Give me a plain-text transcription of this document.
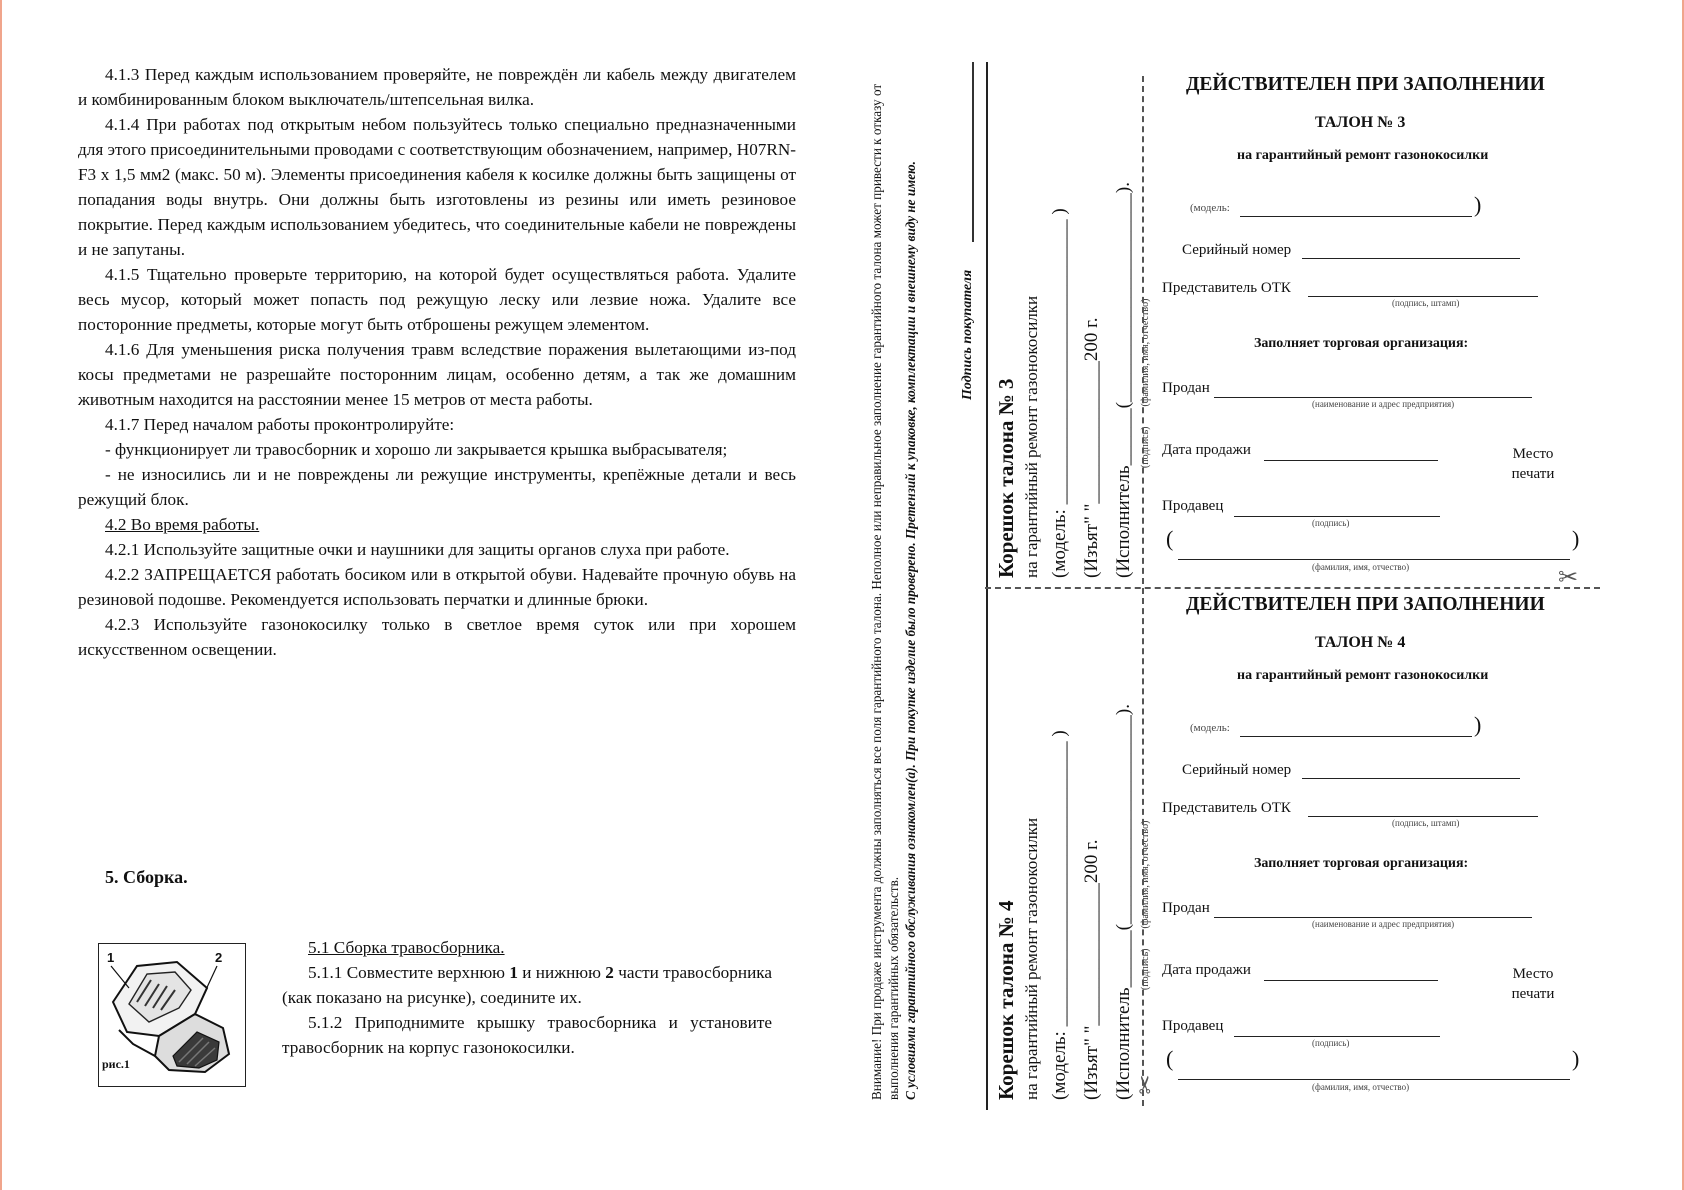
4.1.3 Перед каждым использованием проверяйте, не повреждён ли кабель между двигателем и комбинированным блоком выключатель/штепсельная вилка.

4.1.4 При работах под открытым небом пользуйтесь только специально предназначенными для этого присоединительными проводами с соответствующим обозначением, например, H07RN-F3 х 1,5 мм2 (макс. 50 м). Элементы присоединения кабеля к косилке должны быть защищены от попадания воды внутрь. Они должны быть изготовлены из резины или иметь резиновое покрытие. Перед каждым использованием убедитесь, что соединительные кабели не повреждены и не запутаны.

4.1.5 Тщательно проверьте территорию, на которой будет осуществляться работа. Удалите весь мусор, который может попасть под режущую леску или лезвие ножа. Удалите все посторонние предметы, которые могут быть отброшены режущем элементом.

4.1.6 Для уменьшения риска получения травм вследствие поражения вылетающими из-под косы предметами не разрешайте посторонним лицам, особенно детям, а так же домашним животным находится на расстоянии менее 15 метров от места работы.

4.1.7 Перед началом работы проконтролируйте:

- функционирует ли травосборник и хорошо ли закрывается крышка выбрасывателя;

- не износились ли и не повреждены ли режущие инструменты, крепёжные детали и весь режущий блок.

4.2 Во время работы.

4.2.1 Используйте защитные очки и наушники для защиты органов слуха при работе.

4.2.2 ЗАПРЕЩАЕТСЯ работать босиком или в открытой обуви. Надевайте прочную обувь на резиновой подошве. Рекомендуется использовать перчатки и длинные брюки.

4.2.3 Используйте газонокосилку только в светлое время суток или при хорошем искусственном освещении.

5. Сборка.
1	2
рис.1

5.1 Сборка травосборника.

5.1.1 Совместите верхнюю 1 и нижнюю 2 части травосборника (как показано на рисунке), соедините их.

5.1.2 Приподнимите крышку травосборника и установите травосборник на корпус газонокосилки.	Внимание! При продаже инструмента должны заполняться все поля гарантийного талона. Неполное или неправильное заполнение гарантийного талона может привести к отказу от выполнения гарантийных обязательств. С условиями гарантийного обслуживания ознакомлен(а). При покупке изделие было проверено. Претензий к упаковке, комплектации и внешнему виду не имею.	Подпись покупателя
Корешок талона № 3 на гарантийный ремонт газонокосилки (модель: ______________________________ )
(Изъят" "_______________200 г.
(Исполнитель______(______________________). (подпись)        (фамилия, имя, отчество)
Корешок талона № 4 на гарантийный ремонт газонокосилки (модель: ______________________________ )
(Изъят" "_______________200 г.
(Исполнитель______(______________________). (подпись)        (фамилия, имя, отчество)
✂
✂
ДЕЙСТВИТЕЛЕН ПРИ ЗАПОЛНЕНИИ
ТАЛОН № 3
на гарантийный ремонт газонокосилки
(модель:	)
Серийный номер
Представитель ОТК
(подпись, штамп)
Заполняет торговая организация:
Продан
(наименование и адрес предприятия)
Дата продажи	Место печати
Продавец
(подпись)
(	)
(фамилия, имя, отчество)
ДЕЙСТВИТЕЛЕН ПРИ ЗАПОЛНЕНИИ
ТАЛОН № 4
на гарантийный ремонт газонокосилки
(модель:	)
Серийный номер
Представитель ОТК
(подпись, штамп)
Заполняет торговая организация:
Продан
(наименование и адрес предприятия)
Дата продажи	Место печати
Продавец
(подпись)
(	)
(фамилия, имя, отчество)
